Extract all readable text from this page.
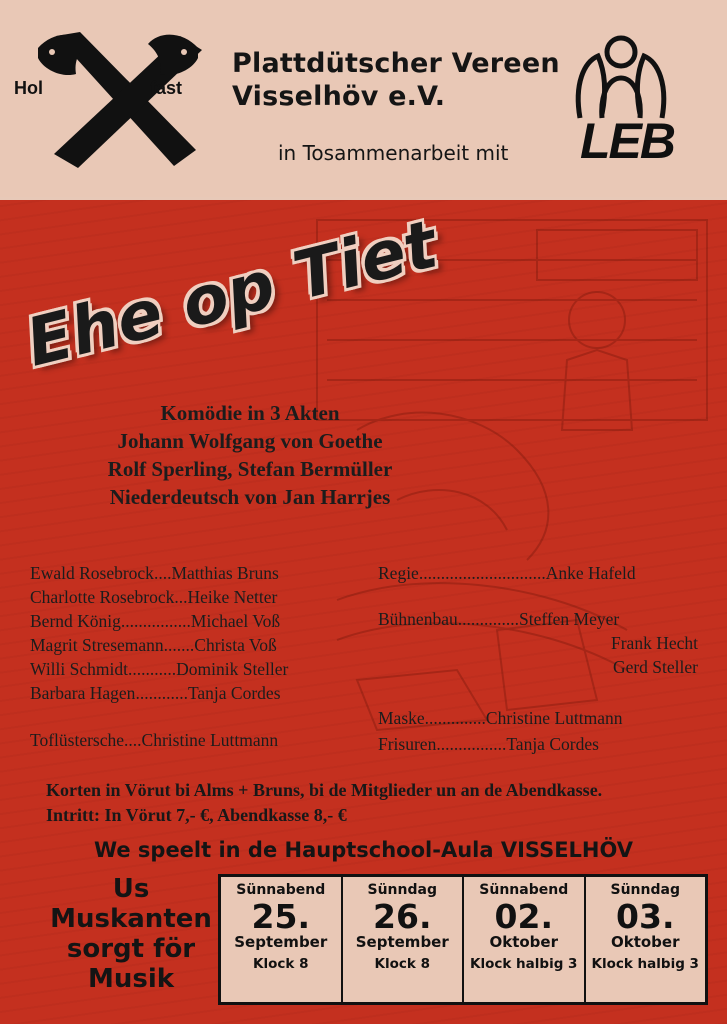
Hol	fast
Plattdütscher Vereen
Visselhöv e.V.
in Tosammenarbeit mit LEB
Ehe op Tiet
Komödie in 3 Akten
Johann Wolfgang von Goethe
Rolf Sperling, Stefan Bermüller
Niederdeutsch von Jan Harrjes
Ewald Rosebrock....Matthias Bruns
Charlotte Rosebrock...Heike Netter
Bernd König................Michael Voß
Magrit Stresemann.......Christa Voß
Willi Schmidt...........Dominik Steller
Barbara Hagen............Tanja Cordes
Toflüstersche....Christine Luttmann
Regie.............................Anke Hafeld
Bühnenbau..............Steffen Meyer
Frank Hecht
Gerd Steller
Maske..............Christine Luttmann
Frisuren................Tanja Cordes
Korten in Vörut bi Alms + Bruns, bi de Mitglieder un an de Abendkasse.
Intritt: In Vörut 7,- €, Abendkasse 8,- €
We speelt in de Hauptschool-Aula VISSELHÖV
Us
Muskanten
sorgt för
Musik
Sünnabend
25.
September
Klock 8
Sünndag
26.
September
Klock 8
Sünnabend
02.
Oktober
Klock halbig 3
Sünndag
03.
Oktober
Klock halbig 3
